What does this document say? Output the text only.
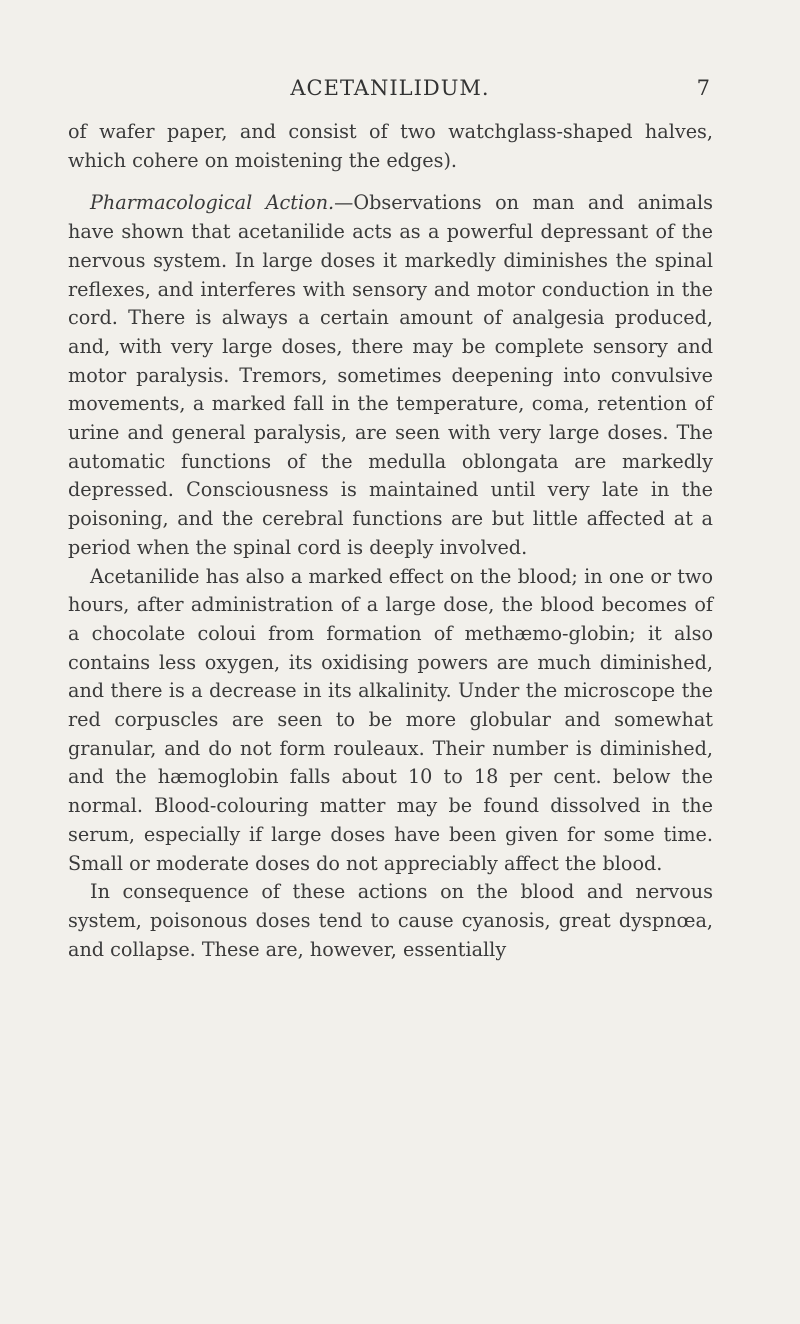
ACETANILIDUM.	7

of wafer paper, and consist of two watchglass-shaped halves, which cohere on moistening the edges).

Pharmacological Action.—Observations on man and animals have shown that acetanilide acts as a powerful depressant of the nervous system. In large doses it markedly diminishes the spinal reflexes, and interferes with sensory and motor conduction in the cord. There is always a certain amount of analgesia produced, and, with very large doses, there may be complete sensory and motor paralysis. Tremors, sometimes deepening into convulsive movements, a marked fall in the temperature, coma, retention of urine and general paralysis, are seen with very large doses. The automatic functions of the medulla oblongata are markedly depressed. Consciousness is maintained until very late in the poisoning, and the cerebral functions are but little affected at a period when the spinal cord is deeply involved.

Acetanilide has also a marked effect on the blood; in one or two hours, after administration of a large dose, the blood becomes of a chocolate coloui from formation of methæmo-globin; it also contains less oxygen, its oxidising powers are much diminished, and there is a decrease in its alkalinity. Under the microscope the red corpuscles are seen to be more globular and somewhat granular, and do not form rouleaux. Their number is diminished, and the hæmoglobin falls about 10 to 18 per cent. below the normal. Blood-colouring matter may be found dissolved in the serum, especially if large doses have been given for some time. Small or moderate doses do not appreciably affect the blood.

In consequence of these actions on the blood and nervous system, poisonous doses tend to cause cyanosis, great dyspnœa, and collapse. These are, however, essentially
